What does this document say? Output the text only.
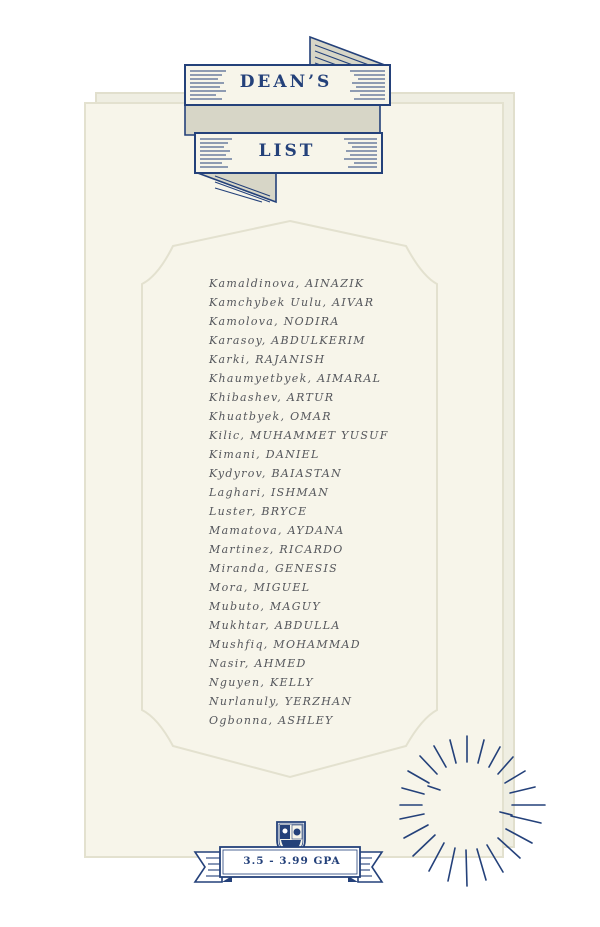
DEAN’S
LIST
Kamaldinova, AINAZIK
Kamchybek Uulu, AIVAR
Kamolova, NODIRA
Karasoy, ABDULKERIM
Karki, RAJANISH
Khaumyetbyek, AIMARAL
Khibashev, ARTUR
Khuatbyek, OMAR
Kilic, MUHAMMET YUSUF
Kimani, DANIEL
Kydyrov, BAIASTAN
Laghari, ISHMAN
Luster, BRYCE
Mamatova, AYDANA
Martinez, RICARDO
Miranda, GENESIS
Mora, MIGUEL
Mubuto, MAGUY
Mukhtar, ABDULLA
Mushfiq, MOHAMMAD
Nasir, AHMED
Nguyen, KELLY
Nurlanuly, YERZHAN
Ogbonna, ASHLEY
3.5 - 3.99 GPA
